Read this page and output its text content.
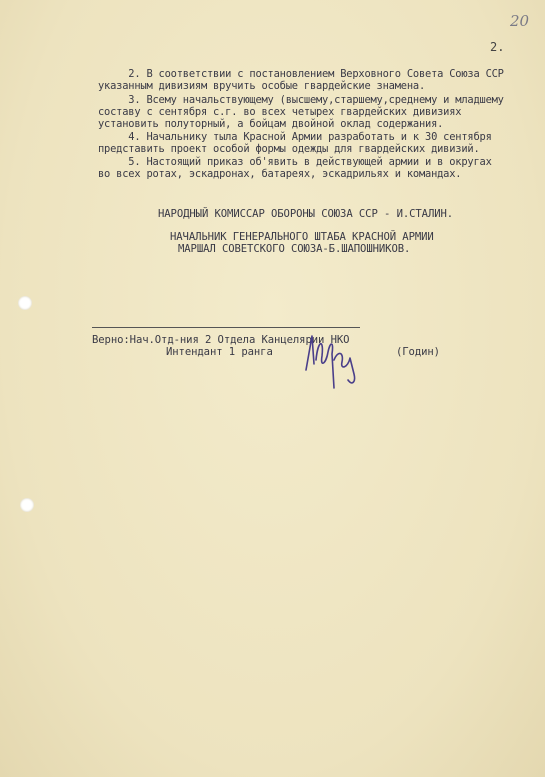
20
2.
2. В соответствии с постановлением Верховного Совета Союза ССР
указанным дивизиям вручить особые гвардейские знамена.
3. Всему начальствующему (высшему,старшему,среднему и младшему
составу с сентября с.г. во всех четырех гвардейских дивизиях
установить полуторный, а бойцам двойной оклад содержания.
4. Начальнику тыла Красной Армии разработать и к 30 сентября
представить проект особой формы одежды для гвардейских дивизий.
5. Настоящий приказ об'явить в действующей армии и в округах
во всех ротах, эскадронах, батареях, эскадрильях и командах.
НАРОДНЫЙ КОМИССАР ОБОРОНЫ СОЮЗА ССР - И.СТАЛИН.
НАЧАЛЬНИК ГЕНЕРАЛЬНОГО ШТАБА КРАСНОЙ АРМИИ
МАРШАЛ СОВЕТСКОГО СОЮЗА-Б.ШАПОШНИКОВ.
Верно:Нач.Отд-ния 2 Отдела Канцелярии НКО
Интендант 1 ранга	(Годин)
